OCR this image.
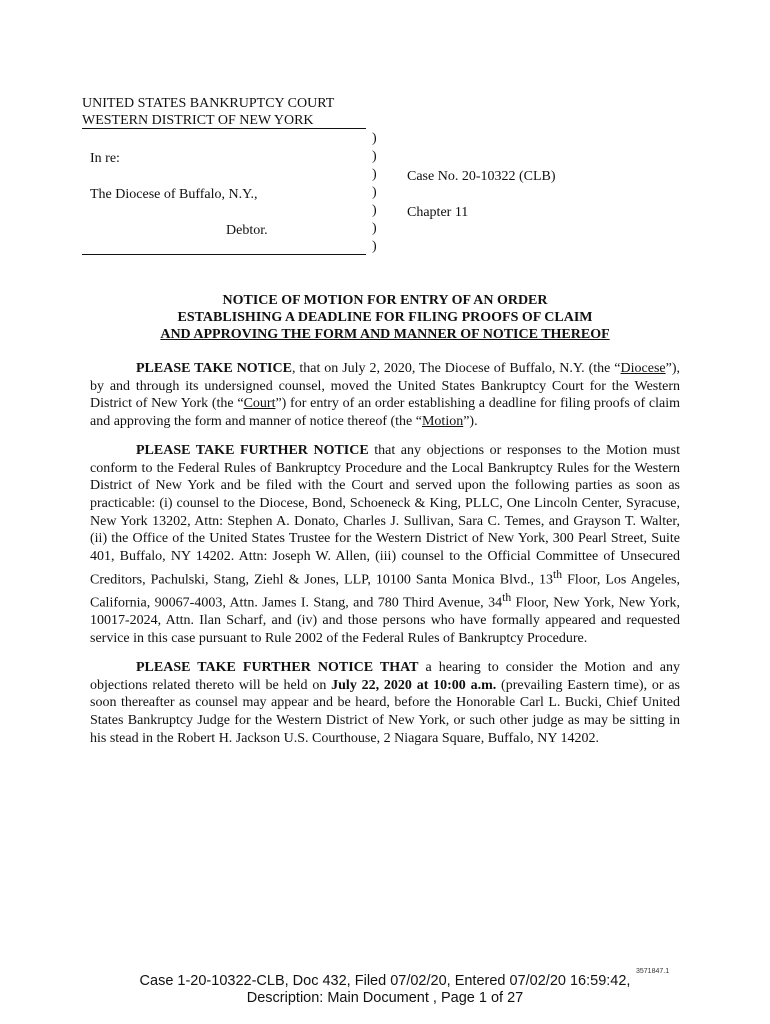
UNITED STATES BANKRUPTCY COURT
WESTERN DISTRICT OF NEW YORK
In re:
The Diocese of Buffalo, N.Y.,
Debtor.
)
)
)
)
)
)
)
Case No. 20-10322 (CLB)
Chapter 11
NOTICE OF MOTION FOR ENTRY OF AN ORDER
ESTABLISHING A DEADLINE FOR FILING PROOFS OF CLAIM
AND APPROVING THE FORM AND MANNER OF NOTICE THEREOF

PLEASE TAKE NOTICE, that on July 2, 2020, The Diocese of Buffalo, N.Y. (the “Diocese”), by and through its undersigned counsel, moved the United States Bankruptcy Court for the Western District of New York (the “Court”) for entry of an order establishing a deadline for filing proofs of claim and approving the form and manner of notice thereof (the “Motion”).

PLEASE TAKE FURTHER NOTICE that any objections or responses to the Motion must conform to the Federal Rules of Bankruptcy Procedure and the Local Bankruptcy Rules for the Western District of New York and be filed with the Court and served upon the following parties as soon as practicable: (i) counsel to the Diocese, Bond, Schoeneck & King, PLLC, One Lincoln Center, Syracuse, New York 13202, Attn: Stephen A. Donato, Charles J. Sullivan, Sara C. Temes, and Grayson T. Walter, (ii) the Office of the United States Trustee for the Western District of New York, 300 Pearl Street, Suite 401, Buffalo, NY 14202. Attn: Joseph W. Allen, (iii) counsel to the Official Committee of Unsecured Creditors, Pachulski, Stang, Ziehl & Jones, LLP, 10100 Santa Monica Blvd., 13th Floor, Los Angeles, California, 90067-4003, Attn. James I. Stang, and 780 Third Avenue, 34th Floor, New York, New York, 10017-2024, Attn. Ilan Scharf, and (iv) and those persons who have formally appeared and requested service in this case pursuant to Rule 2002 of the Federal Rules of Bankruptcy Procedure.

PLEASE TAKE FURTHER NOTICE THAT a hearing to consider the Motion and any objections related thereto will be held on July 22, 2020 at 10:00 a.m. (prevailing Eastern time), or as soon thereafter as counsel may appear and be heard, before the Honorable Carl L. Bucki, Chief United States Bankruptcy Judge for the Western District of New York, or such other judge as may be sitting in his stead in the Robert H. Jackson U.S. Courthouse, 2 Niagara Square, Buffalo, NY 14202.

3571847.1
Case 1-20-10322-CLB, Doc 432, Filed 07/02/20, Entered 07/02/20 16:59:42,
Description: Main Document , Page 1 of 27
